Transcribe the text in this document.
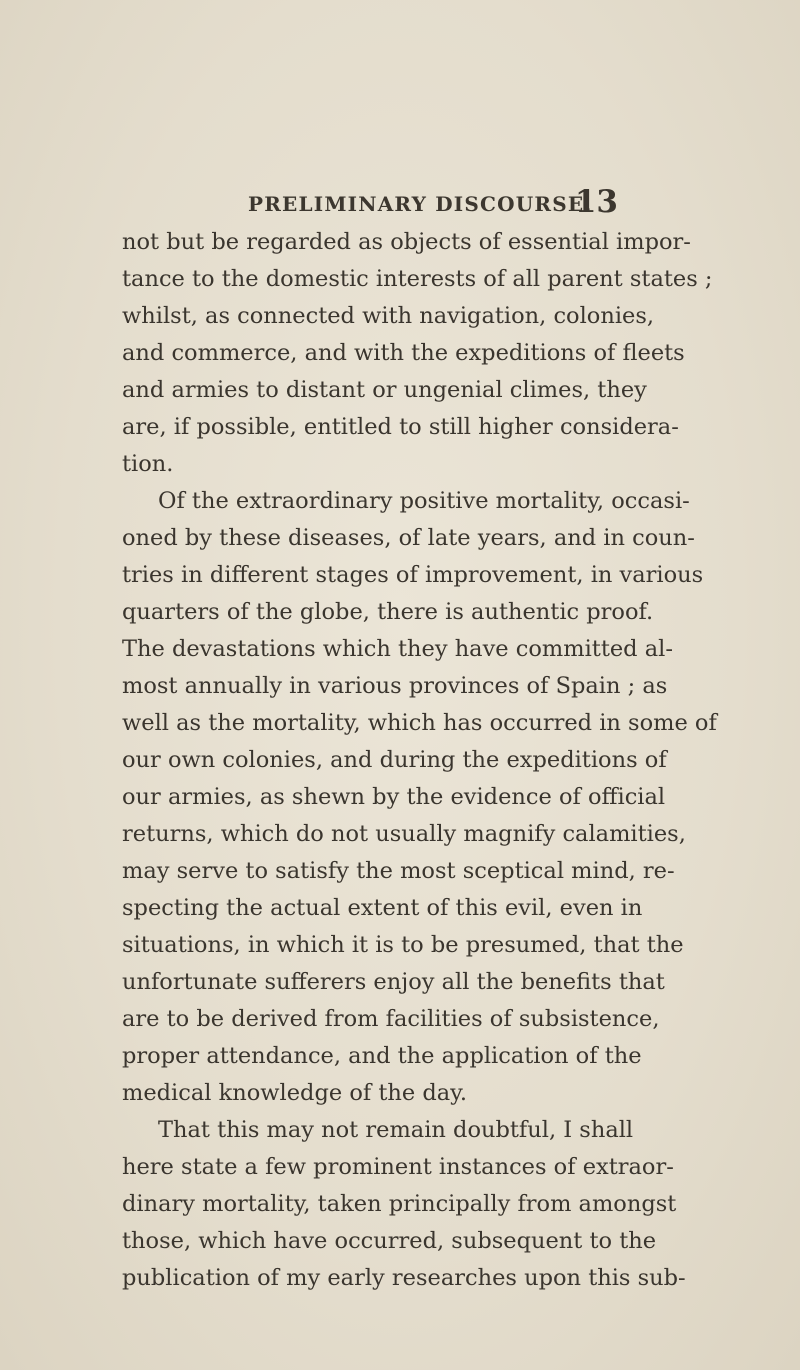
PRELIMINARY DISCOURSE.
13
not but be regarded as objects of essential impor-
tance to the domestic interests of all parent states ;
whilst, as connected with navigation, colonies,
and commerce, and with the expeditions of fleets
and armies to distant or ungenial climes, they
are, if possible, entitled to still higher considera-
tion.
Of the extraordinary positive mortality, occasi-
oned by these diseases, of late years, and in coun-
tries in different stages of improvement, in various
quarters of the globe, there is authentic proof.
The devastations which they have committed al-
most annually in various provinces of Spain ; as
well as the mortality, which has occurred in some of
our own colonies, and during the expeditions of
our armies, as shewn by the evidence of official
returns, which do not usually magnify calamities,
may serve to satisfy the most sceptical mind, re-
specting the actual extent of this evil, even in
situations, in which it is to be presumed, that the
unfortunate sufferers enjoy all the benefits that
are to be derived from facilities of subsistence,
proper attendance, and the application of the
medical knowledge of the day.
That this may not remain doubtful, I shall
here state a few prominent instances of extraor-
dinary mortality, taken principally from amongst
those, which have occurred, subsequent to the
publication of my early researches upon this sub-
